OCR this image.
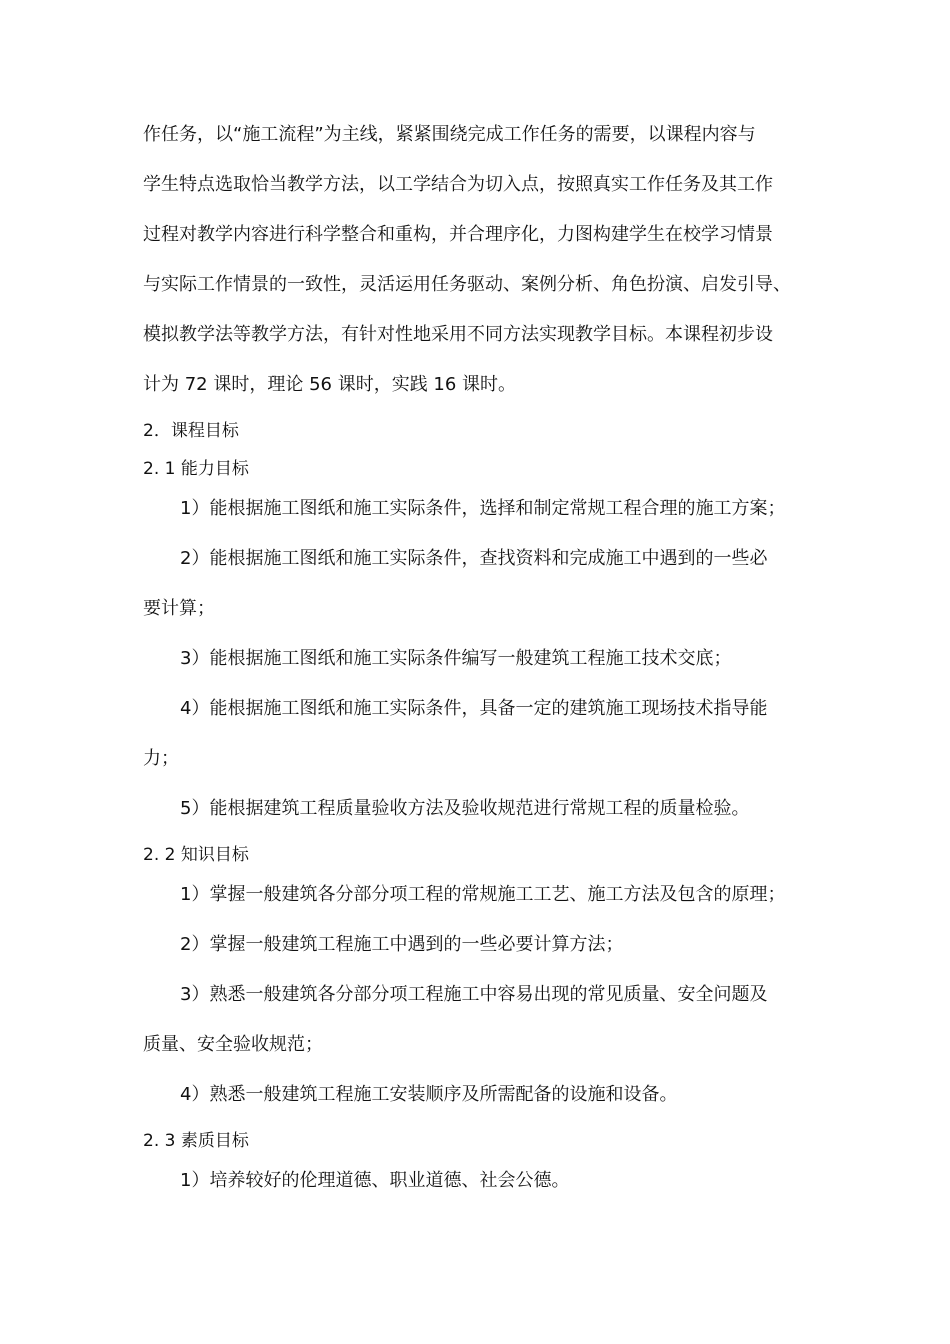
作任务，以“施工流程”为主线，紧紧围绕完成工作任务的需要，以课程内容与
学生特点选取恰当教学方法，以工学结合为切入点，按照真实工作任务及其工作
过程对教学内容进行科学整合和重构，并合理序化，力图构建学生在校学习情景
与实际工作情景的一致性，灵活运用任务驱动、案例分析、角色扮演、启发引导、
模拟教学法等教学方法，有针对性地采用不同方法实现教学目标。本课程初步设
计为 72 课时，理论 56 课时，实践 16 课时。
2．课程目标
2. 1 能力目标
1）能根据施工图纸和施工实际条件，选择和制定常规工程合理的施工方案；
2）能根据施工图纸和施工实际条件，查找资料和完成施工中遇到的一些必
要计算；
3）能根据施工图纸和施工实际条件编写一般建筑工程施工技术交底；
4）能根据施工图纸和施工实际条件，具备一定的建筑施工现场技术指导能
力；
5）能根据建筑工程质量验收方法及验收规范进行常规工程的质量检验。
2. 2 知识目标
1）掌握一般建筑各分部分项工程的常规施工工艺、施工方法及包含的原理；
2）掌握一般建筑工程施工中遇到的一些必要计算方法；
3）熟悉一般建筑各分部分项工程施工中容易出现的常见质量、安全问题及
质量、安全验收规范；
4）熟悉一般建筑工程施工安装顺序及所需配备的设施和设备。
2. 3 素质目标
1）培养较好的伦理道德、职业道德、社会公德。
